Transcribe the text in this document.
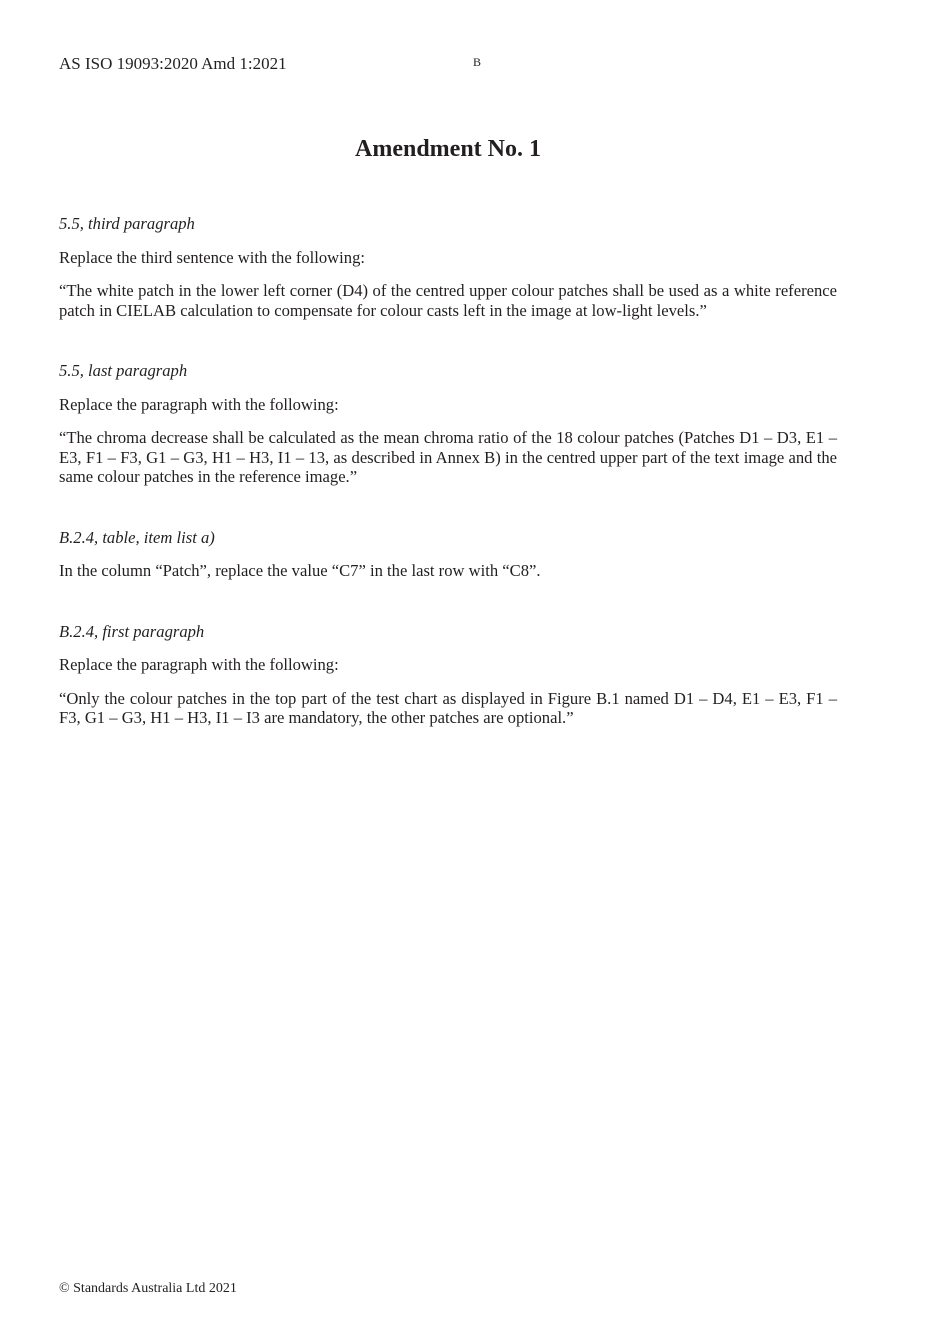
AS ISO 19093:2020 Amd 1:2021	B
Amendment No. 1

5.5, third paragraph

Replace the third sentence with the following:

“The white patch in the lower left corner (D4) of the centred upper colour patches shall be used as a white reference patch in CIELAB calculation to compensate for colour casts left in the image at low-light levels.”

5.5, last paragraph

Replace the paragraph with the following:

“The chroma decrease shall be calculated as the mean chroma ratio of the 18 colour patches (Patches D1 – D3, E1 – E3, F1 – F3, G1 – G3, H1 – H3, I1 – 13, as described in Annex B) in the centred upper part of the text image and the same colour patches in the reference image.”

B.2.4, table, item list a)

In the column “Patch”, replace the value “C7” in the last row with “C8”.

B.2.4, first paragraph

Replace the paragraph with the following:

“Only the colour patches in the top part of the test chart as displayed in Figure B.1 named D1 – D4, E1 – E3, F1 – F3, G1 – G3, H1 – H3, I1 – I3 are mandatory, the other patches are optional.”

© Standards Australia Ltd 2021
